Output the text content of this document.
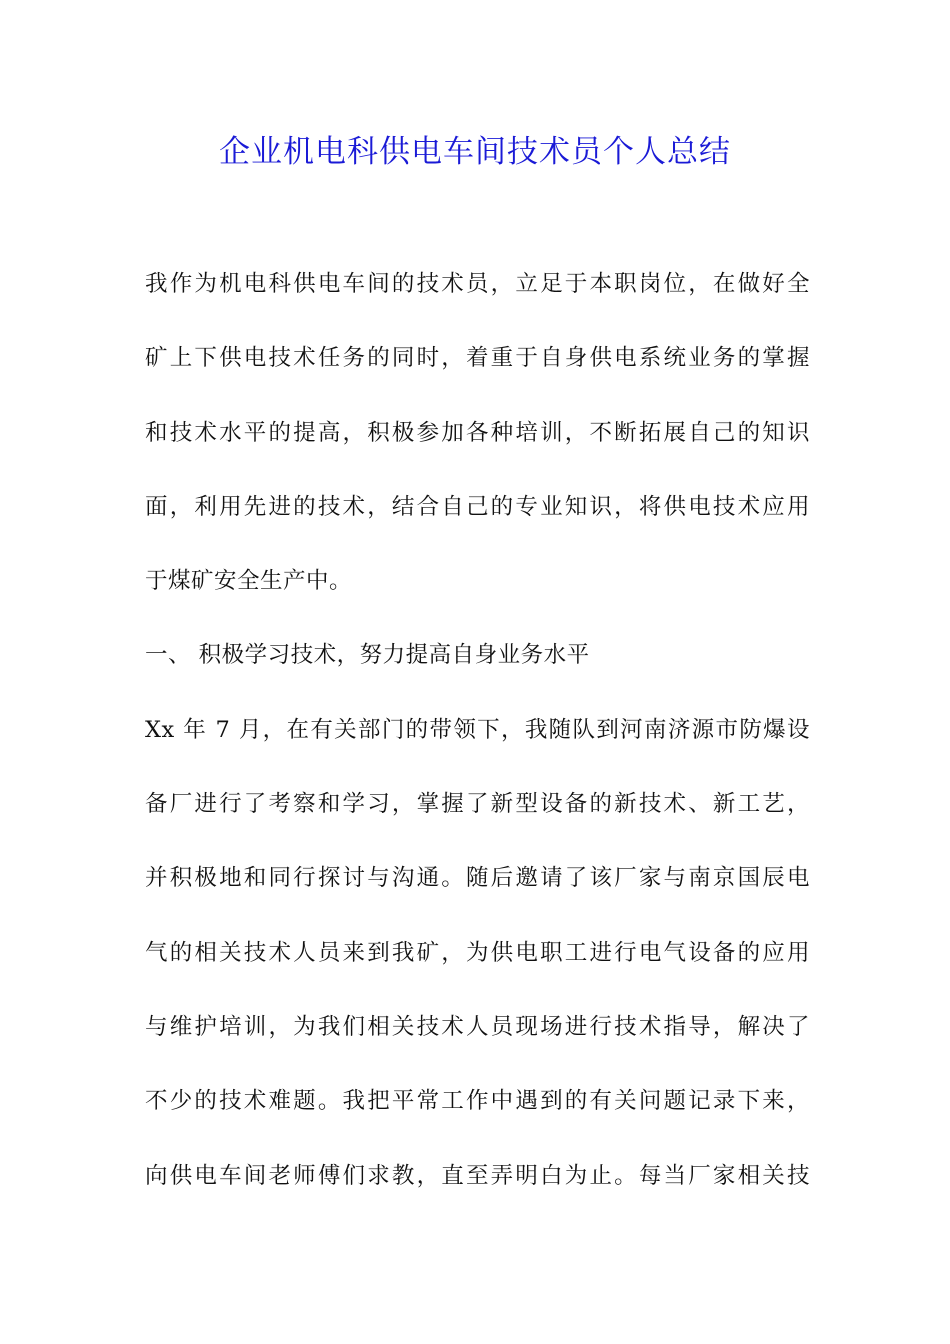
企业机电科供电车间技术员个人总结
我作为机电科供电车间的技术员，立足于本职岗位，在做好全
矿上下供电技术任务的同时，着重于自身供电系统业务的掌握
和技术水平的提高，积极参加各种培训，不断拓展自己的知识
面，利用先进的技术，结合自己的专业知识，将供电技术应用
于煤矿安全生产中。
一、 积极学习技术，努力提高自身业务水平
Xx 年 7 月，在有关部门的带领下，我随队到河南济源市防爆设
备厂进行了考察和学习，掌握了新型设备的新技术、新工艺，
并积极地和同行探讨与沟通。随后邀请了该厂家与南京国辰电
气的相关技术人员来到我矿，为供电职工进行电气设备的应用
与维护培训，为我们相关技术人员现场进行技术指导，解决了
不少的技术难题。我把平常工作中遇到的有关问题记录下来，
向供电车间老师傅们求教，直至弄明白为止。每当厂家相关技
